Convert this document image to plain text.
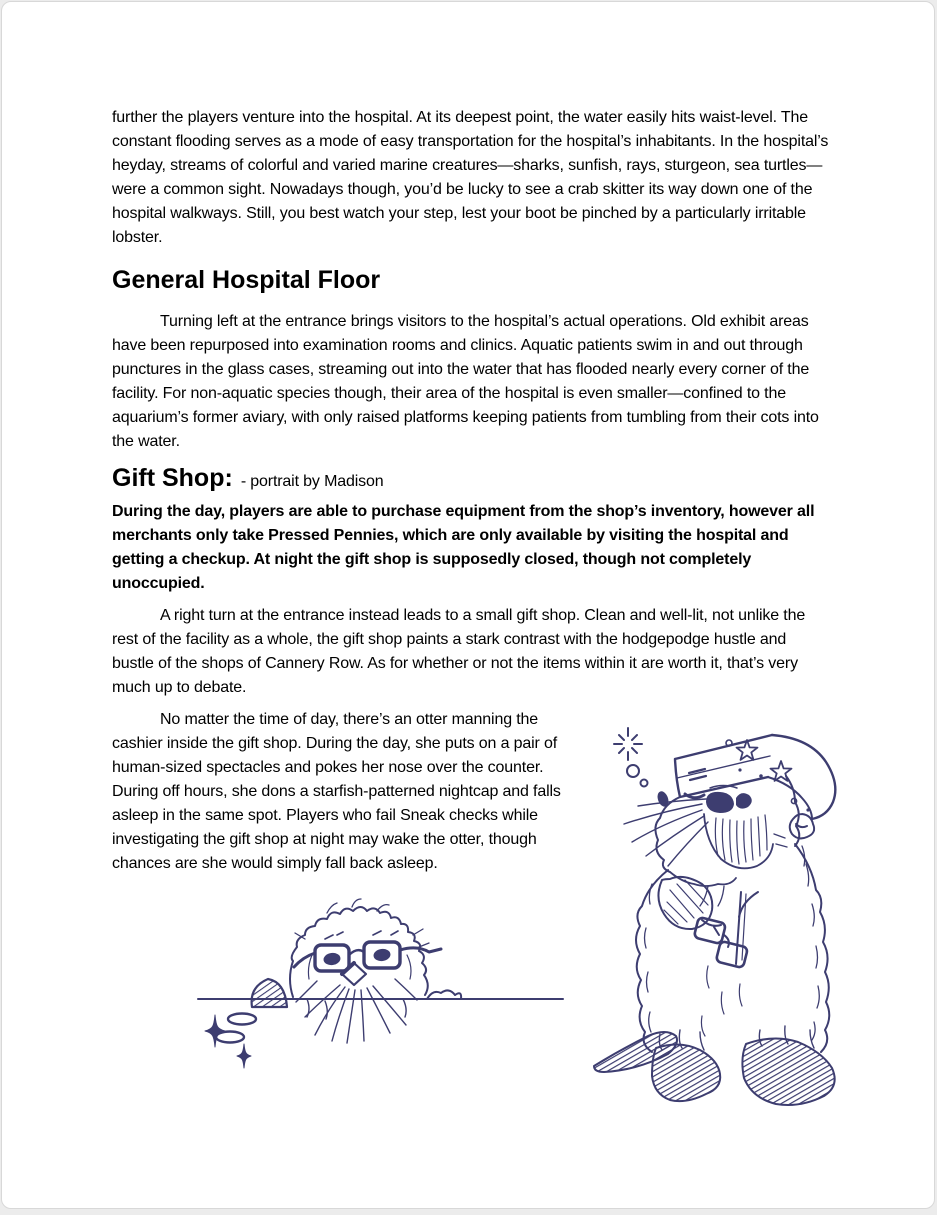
further the players venture into the hospital. At its deepest point, the water easily hits waist-level. The constant flooding serves as a mode of easy transportation for the hospital’s inhabitants. In the hospital’s heyday, streams of colorful and varied marine creatures—sharks, sunfish, rays, sturgeon, sea turtles—were a common sight. Nowadays though, you’d be lucky to see a crab skitter its way down one of the hospital walkways. Still, you best watch your step, lest your boot be pinched by a particularly irritable lobster.

General Hospital Floor

Turning left at the entrance brings visitors to the hospital’s actual operations. Old exhibit areas have been repurposed into examination rooms and clinics. Aquatic patients swim in and out through punctures in the glass cases, streaming out into the water that has flooded nearly every corner of the facility. For non-aquatic species though, their area of the hospital is even smaller—confined to the aquarium’s former aviary, with only raised platforms keeping patients from tumbling from their cots into the water.

Gift Shop: - portrait by Madison

During the day, players are able to purchase equipment from the shop’s inventory, however all merchants only take Pressed Pennies, which are only available by visiting the hospital and getting a checkup. At night the gift shop is supposedly closed, though not completely unoccupied.

A right turn at the entrance instead leads to a small gift shop. Clean and well-lit, not unlike the rest of the facility as a whole, the gift shop paints a stark contrast with the hodgepodge hustle and bustle of the shops of Cannery Row. As for whether or not the items within it are worth it, that’s very much up to debate.

No matter the time of day, there’s an otter manning the cashier inside the gift shop. During the day, she puts on a pair of human-sized spectacles and pokes her nose over the counter. During off hours, she dons a starfish-patterned nightcap and falls asleep in the same spot. Players who fail Sneak checks while investigating the gift shop at night may wake the otter, though chances are she would simply fall back asleep.
